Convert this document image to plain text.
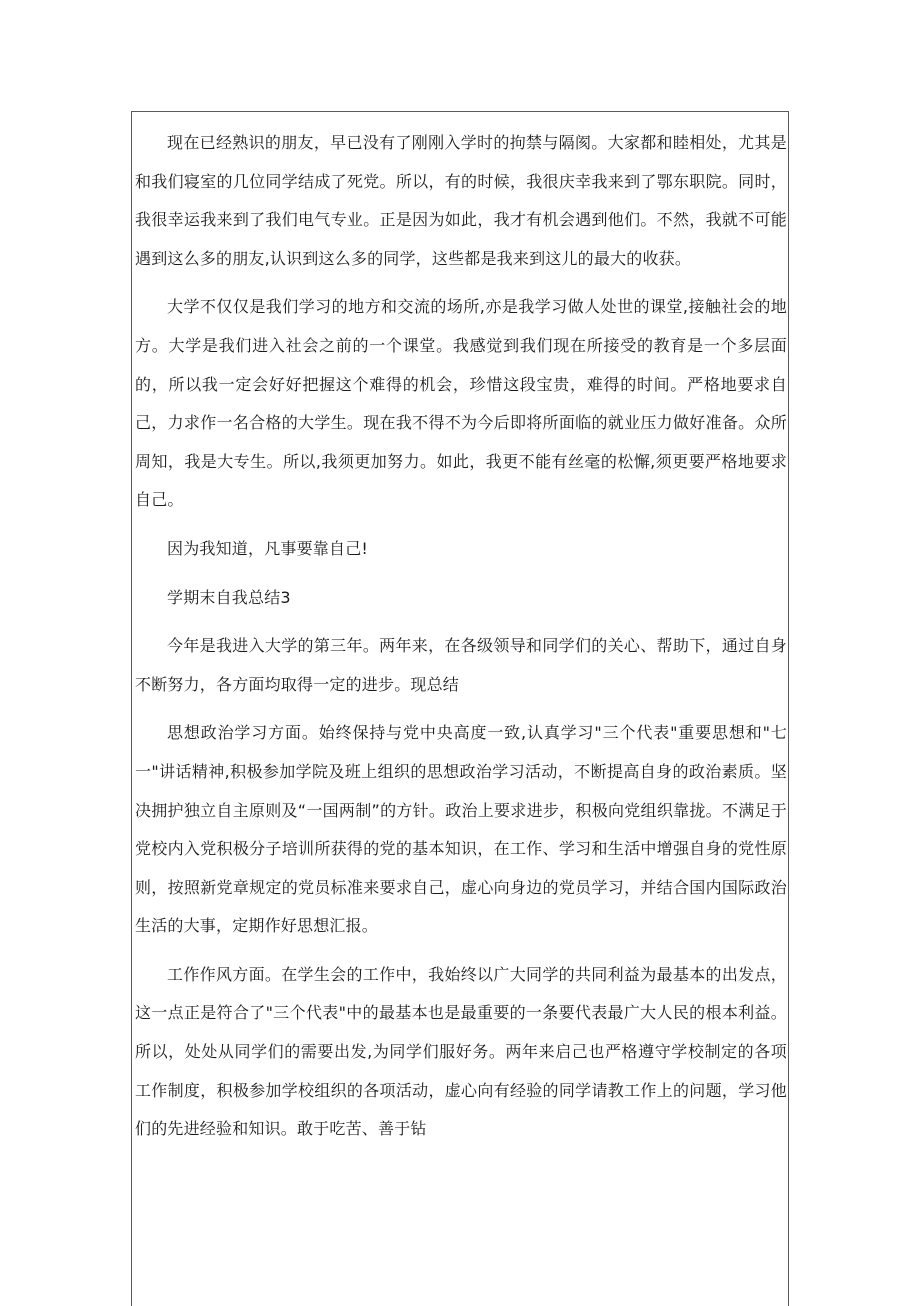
现在已经熟识的朋友，早已没有了刚刚入学时的拘禁与隔阂。大家都和睦相处，尤其是和我们寝室的几位同学结成了死党。所以，有的时候，我很庆幸我来到了鄂东职院。同时，我很幸运我来到了我们电气专业。正是因为如此，我才有机会遇到他们。不然，我就不可能遇到这么多的朋友,认识到这么多的同学，这些都是我来到这儿的最大的收获。

大学不仅仅是我们学习的地方和交流的场所,亦是我学习做人处世的课堂,接触社会的地方。大学是我们进入社会之前的一个课堂。我感觉到我们现在所接受的教育是一个多层面的，所以我一定会好好把握这个难得的机会，珍惜这段宝贵，难得的时间。严格地要求自己，力求作一名合格的大学生。现在我不得不为今后即将所面临的就业压力做好准备。众所周知，我是大专生。所以,我须更加努力。如此，我更不能有丝毫的松懈,须更要严格地要求自己。

因为我知道，凡事要靠自己!

学期末自我总结3

今年是我进入大学的第三年。两年来，在各级领导和同学们的关心、帮助下，通过自身不断努力，各方面均取得一定的进步。现总结

思想政治学习方面。始终保持与党中央高度一致,认真学习"三个代表"重要思想和"七一"讲话精神,积极参加学院及班上组织的思想政治学习活动，不断提高自身的政治素质。坚决拥护独立自主原则及“一国两制”的方针。政治上要求进步，积极向党组织靠拢。不满足于党校内入党积极分子培训所获得的党的基本知识，在工作、学习和生活中增强自身的党性原则，按照新党章规定的党员标准来要求自己，虚心向身边的党员学习，并结合国内国际政治生活的大事，定期作好思想汇报。

工作作风方面。在学生会的工作中，我始终以广大同学的共同利益为最基本的出发点，这一点正是符合了"三个代表"中的最基本也是最重要的一条要代表最广大人民的根本利益。所以，处处从同学们的需要出发,为同学们服好务。两年来启己也严格遵守学校制定的各项工作制度，积极参加学校组织的各项活动，虚心向有经验的同学请教工作上的问题，学习他们的先进经验和知识。敢于吃苦、善于钻
